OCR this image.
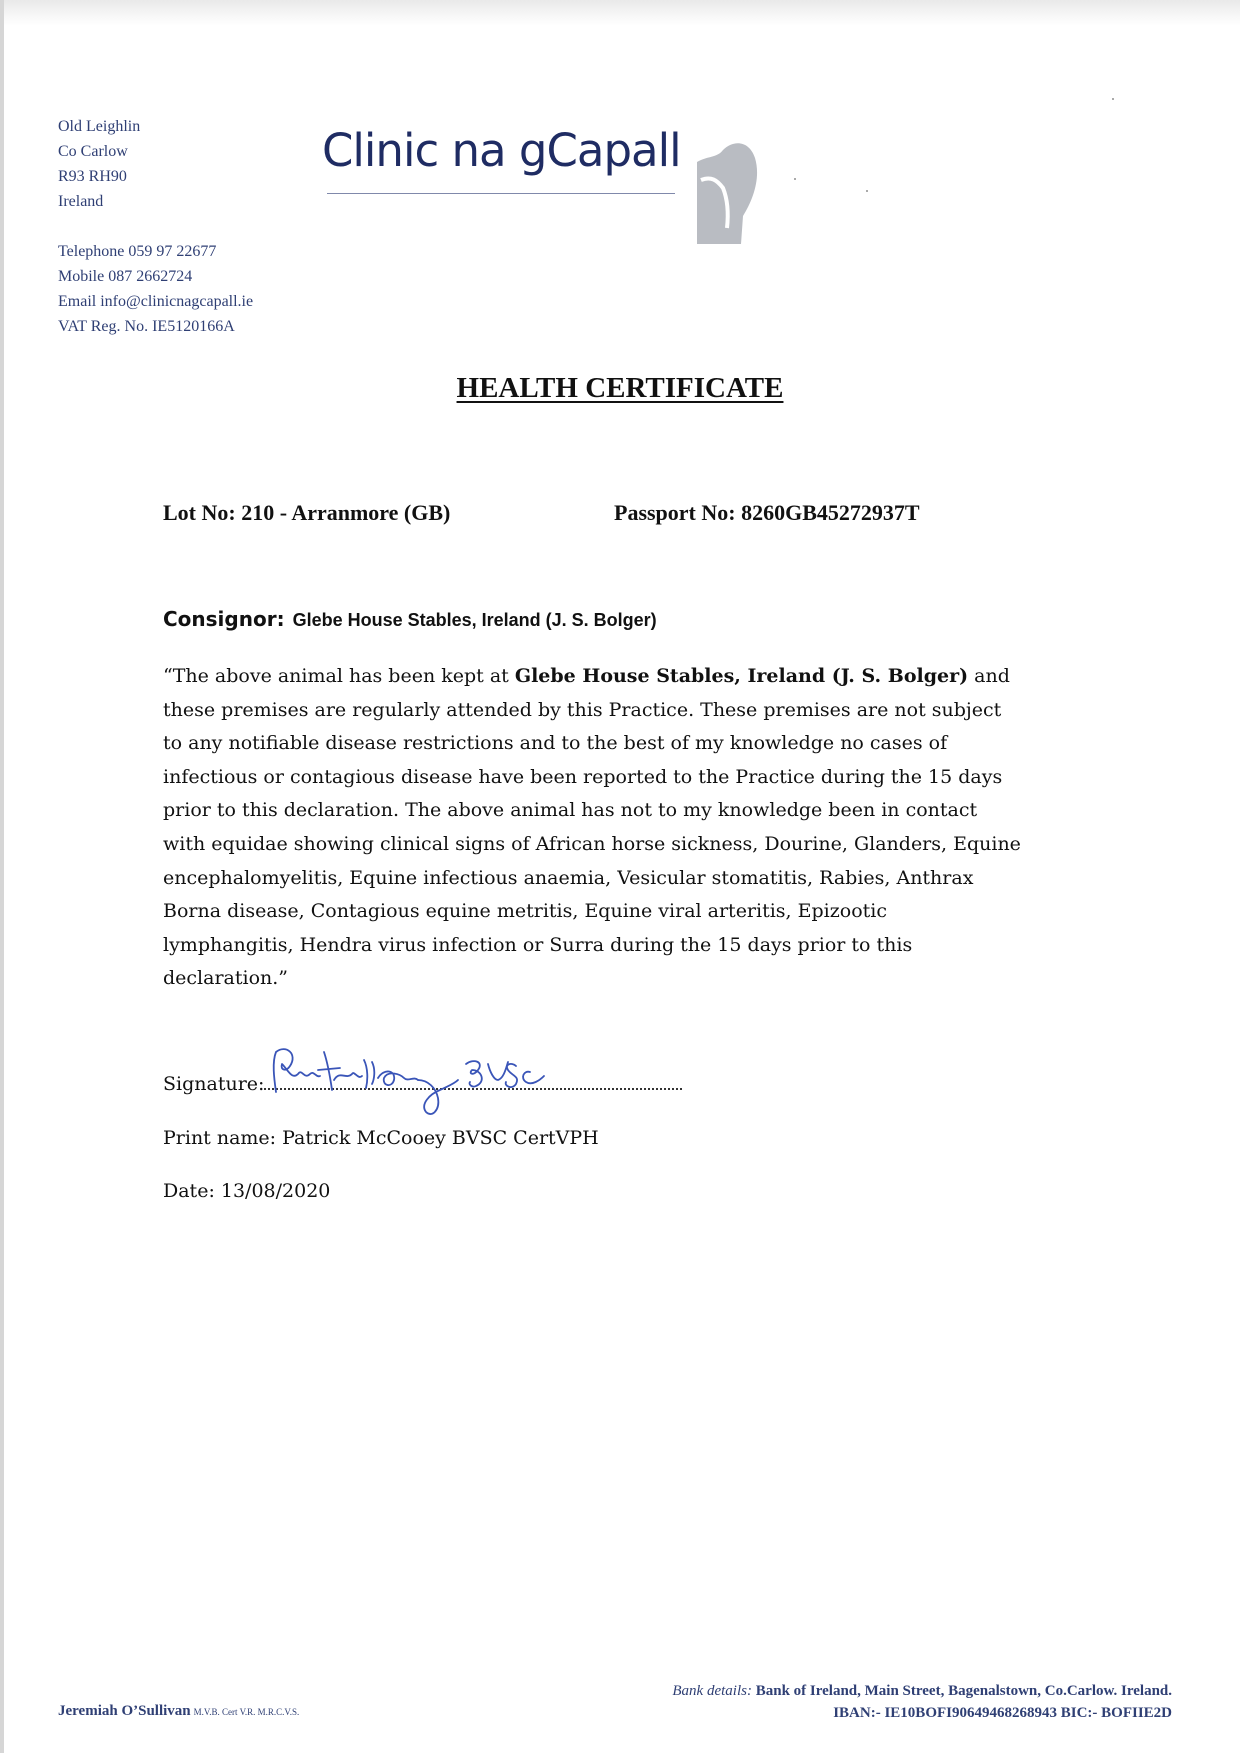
Old Leighlin
Co Carlow
R93 RH90
Ireland
Telephone 059 97 22677
Mobile 087 2662724
Email info@clinicnagcapall.ie
VAT Reg. No. IE5120166A
Clinic na gCapall
HEALTH CERTIFICATE
Lot No: 210 - Arranmore (GB)	Passport No: 8260GB45272937T
Consignor: Glebe House Stables, Ireland (J. S. Bolger)
“The above animal has been kept at Glebe House Stables, Ireland (J. S. Bolger) and
these premises are regularly attended by this Practice. These premises are not subject
to any notifiable disease restrictions and to the best of my knowledge no cases of
infectious or contagious disease have been reported to the Practice during the 15 days
prior to this declaration. The above animal has not to my knowledge been in contact
with equidae showing clinical signs of African horse sickness, Dourine, Glanders, Equine
encephalomyelitis, Equine infectious anaemia, Vesicular stomatitis, Rabies, Anthrax
Borna disease, Contagious equine metritis, Equine viral arteritis, Epizootic
lymphangitis, Hendra virus infection or Surra during the 15 days prior to this
declaration.”
Signature:
Print name: Patrick McCooey BVSC CertVPH
Date: 13/08/2020
Jeremiah O’Sullivan M.V.B. Cert V.R. M.R.C.V.S.
Bank details: Bank of Ireland, Main Street, Bagenalstown, Co.Carlow. Ireland.
IBAN:- IE10BOFI90649468268943 BIC:- BOFIIE2D
